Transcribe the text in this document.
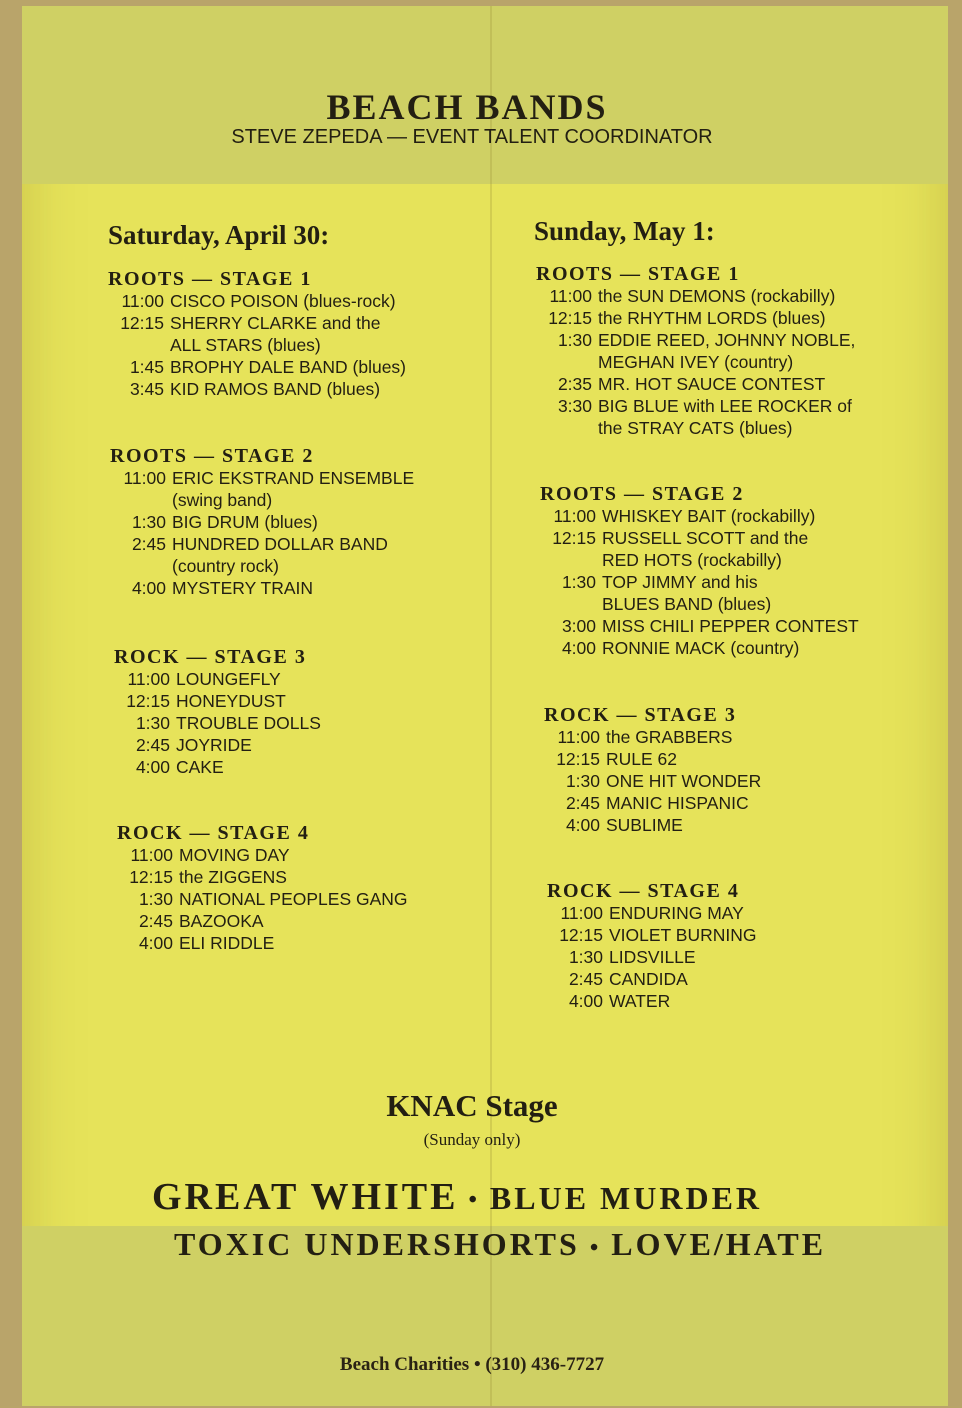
BEACH BANDS
STEVE ZEPEDA — EVENT TALENT COORDINATOR
Saturday, April 30:
ROOTS — STAGE 1
11:00 CISCO POISON (blues-rock)
12:15 SHERRY CLARKE and the
ALL STARS (blues)
1:45 BROPHY DALE BAND (blues)
3:45 KID RAMOS BAND (blues)
ROOTS — STAGE 2
11:00 ERIC EKSTRAND ENSEMBLE
(swing band)
1:30 BIG DRUM (blues)
2:45 HUNDRED DOLLAR BAND
(country rock)
4:00 MYSTERY TRAIN
ROCK — STAGE 3
11:00 LOUNGEFLY
12:15 HONEYDUST
1:30 TROUBLE DOLLS
2:45 JOYRIDE
4:00 CAKE
ROCK — STAGE 4
11:00 MOVING DAY
12:15 the ZIGGENS
1:30 NATIONAL PEOPLES GANG
2:45 BAZOOKA
4:00 ELI RIDDLE
Sunday, May 1:
ROOTS — STAGE 1
11:00 the SUN DEMONS (rockabilly)
12:15 the RHYTHM LORDS (blues)
1:30 EDDIE REED, JOHNNY NOBLE,
MEGHAN IVEY (country)
2:35 MR. HOT SAUCE CONTEST
3:30 BIG BLUE with LEE ROCKER of
the STRAY CATS (blues)
ROOTS — STAGE 2
11:00 WHISKEY BAIT (rockabilly)
12:15 RUSSELL SCOTT and the
RED HOTS (rockabilly)
1:30 TOP JIMMY and his
BLUES BAND (blues)
3:00 MISS CHILI PEPPER CONTEST
4:00 RONNIE MACK (country)
ROCK — STAGE 3
11:00 the GRABBERS
12:15 RULE 62
1:30 ONE HIT WONDER
2:45 MANIC HISPANIC
4:00 SUBLIME
ROCK — STAGE 4
11:00 ENDURING MAY
12:15 VIOLET BURNING
1:30 LIDSVILLE
2:45 CANDIDA
4:00 WATER
KNAC Stage
(Sunday only)
GREAT WHITE • BLUE MURDER
TOXIC UNDERSHORTS • LOVE/HATE
Beach Charities • (310) 436-7727
